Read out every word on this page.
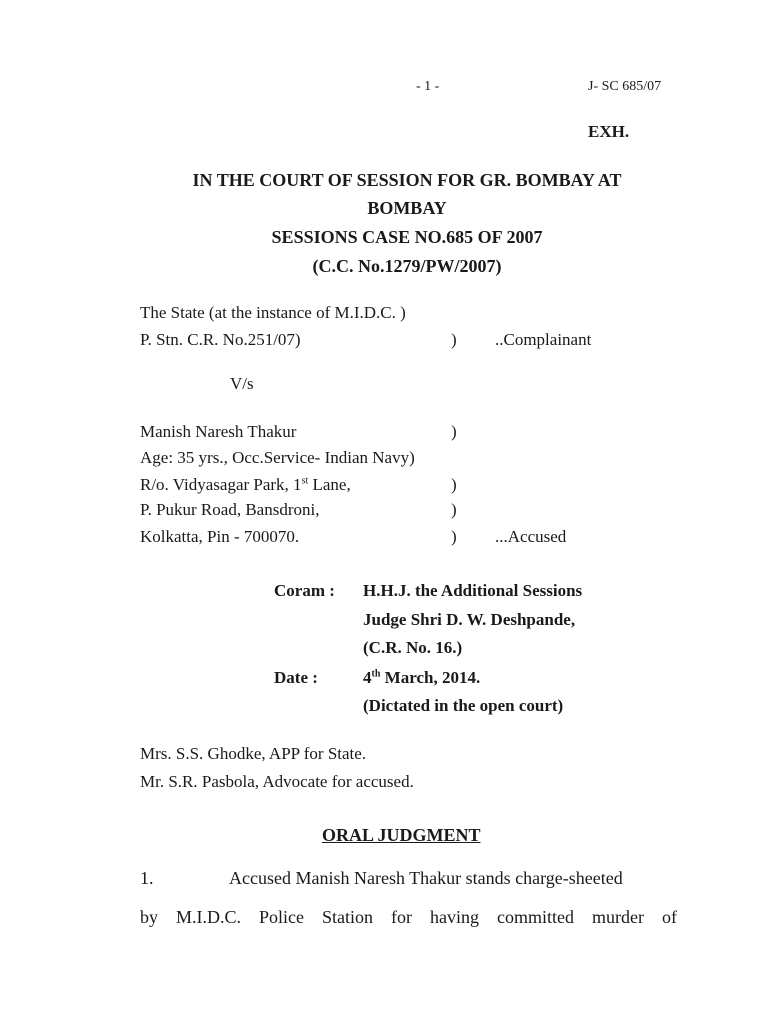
- 1 -	J- SC 685/07
EXH.
IN THE COURT OF SESSION FOR GR. BOMBAY AT
BOMBAY
SESSIONS CASE NO.685 OF 2007
(C.C. No.1279/PW/2007)
The State (at the instance of M.I.D.C. )
P. Stn. C.R. No.251/07)	) ..Complainant
V/s
Manish Naresh Thakur	)
Age: 35 yrs., Occ.Service- Indian Navy)
R/o. Vidyasagar Park, 1st Lane,	)
P. Pukur Road, Bansdroni,	)
Kolkatta, Pin - 700070.	) ...Accused
Coram : H.H.J. the Additional Sessions
Judge Shri D. W. Deshpande,
(C.R. No. 16.)
Date :	4th March, 2014.
(Dictated in the open court)
Mrs. S.S. Ghodke, APP for State.
Mr. S.R. Pasbola, Advocate for accused.
ORAL JUDGMENT
1.	Accused Manish Naresh Thakur stands charge-sheeted
by M.I.D.C. Police Station for having committed murder of
